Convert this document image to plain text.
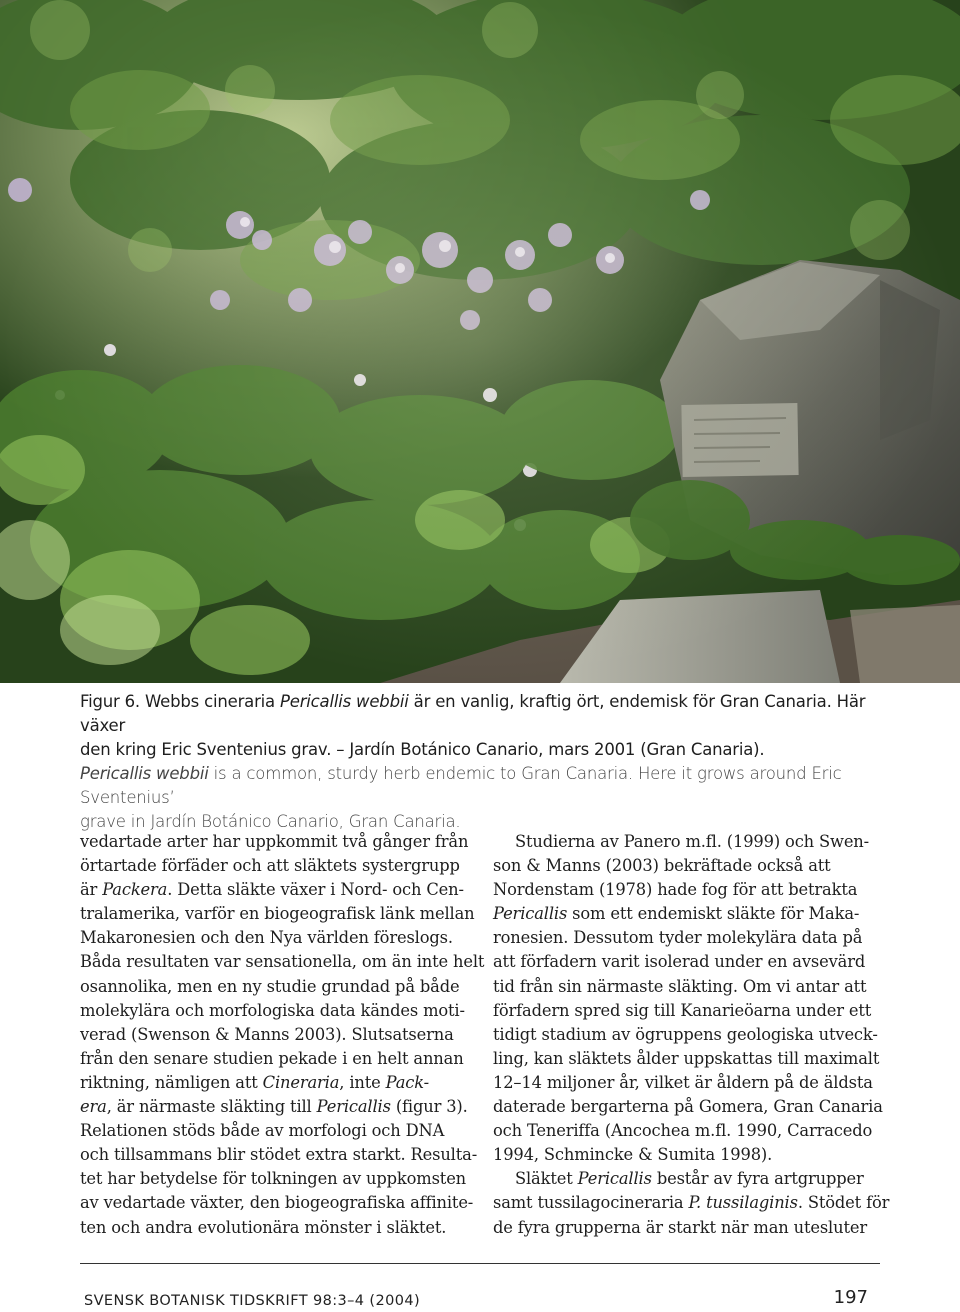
Figur 6. Webbs cineraria Pericallis webbii är en vanlig, kraftig ört, endemisk för Gran Canaria. Här växer
den kring Eric Sventenius grav. – Jardín Botánico Canario, mars 2001 (Gran Canaria).
Pericallis webbii is a common, sturdy herb endemic to Gran Canaria. Here it grows around Eric Sventenius’
grave in Jardín Botánico Canario, Gran Canaria.

vedartade arter har uppkommit två gånger från
örtartade förfäder och att släktets systergrupp
är Packera. Detta släkte växer i Nord- och Cen-
tralamerika, varför en biogeografisk länk mellan
Makaronesien och den Nya världen föreslogs.
Båda resultaten var sensationella, om än inte helt
osannolika, men en ny studie grundad på både
molekylära och morfologiska data kändes moti-
verad (Swenson & Manns 2003). Slutsatserna
från den senare studien pekade i en helt annan
riktning, nämligen att Cineraria, inte Pack-
era, är närmaste släkting till Pericallis (figur 3).
Relationen stöds både av morfologi och DNA
och tillsammans blir stödet extra starkt. Resulta-
tet har betydelse för tolkningen av uppkomsten
av vedartade växter, den biogeografiska affinite-
ten och andra evolutionära mönster i släktet.

Studierna av Panero m.fl. (1999) och Swen-
son & Manns (2003) bekräftade också att
Nordenstam (1978) hade fog för att betrakta
Pericallis som ett endemiskt släkte för Maka-
ronesien. Dessutom tyder molekylära data på
att förfadern varit isolerad under en avsevärd
tid från sin närmaste släkting. Om vi antar att
förfadern spred sig till Kanarieöarna under ett
tidigt stadium av ögruppens geologiska utveck-
ling, kan släktets ålder uppskattas till maximalt
12–14 miljoner år, vilket är åldern på de äldsta
daterade bergarterna på Gomera, Gran Canaria
och Teneriffa (Ancochea m.fl. 1990, Carracedo
1994, Schmincke & Sumita 1998).

Släktet Pericallis består av fyra artgrupper
samt tussilagocineraria P. tussilaginis. Stödet för
de fyra grupperna är starkt när man utesluter

SVENSK BOTANISK TIDSKRIFT 98:3–4 (2004)	197
